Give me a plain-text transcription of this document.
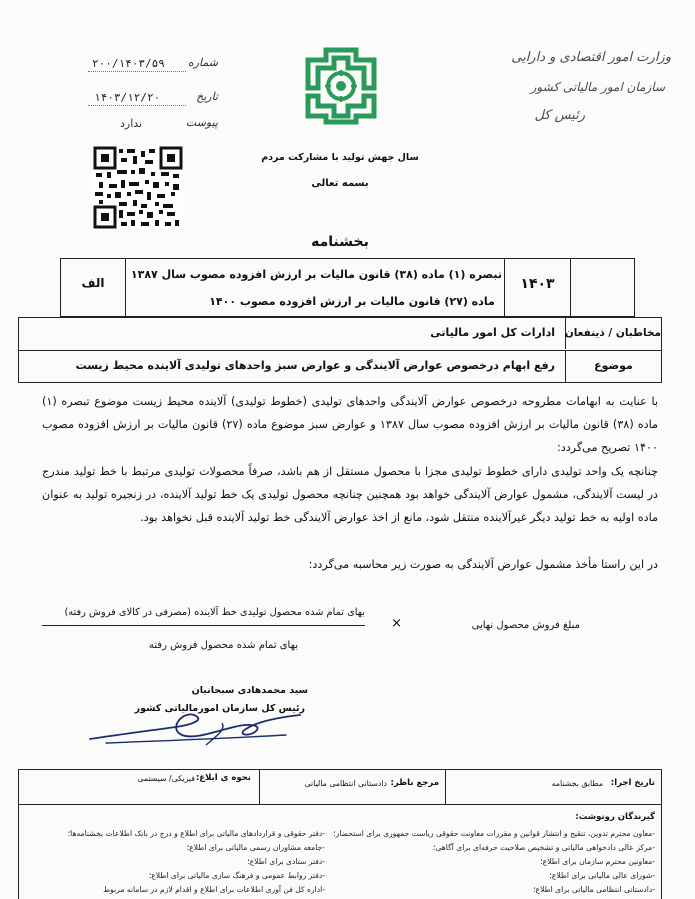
وزارت امور اقتصادی و دارایی
سازمان امور مالیاتی کشور
رئیس کل
شماره
۲۰۰/۱۴۰۳/۵۹
تاریخ
۱۴۰۳/۱۲/۲۰
پیوست
ندارد
سال جهش تولید با مشارکت مردم
بسمه تعالی
بخشنامه
۱۴۰۳
تبصره (۱) ماده (۳۸) قانون مالیات بر ارزش افزوده مصوب سال ۱۳۸۷
ماده (۲۷) قانون مالیات بر ارزش افزوده مصوب ۱۴۰۰
الف
مخاطبان / ذینفعان
ادارات کل امور مالیاتی
موضوع
رفع ابهام درخصوص عوارض آلایندگی و عوارض سبز واحدهای تولیدی آلاینده محیط زیست
با عنایت به ابهامات مطروحه درخصوص عوارض آلایندگی واحدهای تولیدی (خطوط تولیدی) آلاینده محیط زیست موضوع تبصره (۱) ماده (۳۸) قانون مالیات بر ارزش افزوده مصوب سال ۱۳۸۷ و عوارض سبز موضوع ماده (۲۷) قانون مالیات بر ارزش افزوده مصوب ۱۴۰۰ تصریح می‌گردد:
چنانچه یک واحد تولیدی دارای خطوط تولیدی مجزا با محصول مستقل از هم باشد، صرفاً محصولات تولیدی مرتبط با خط تولید مندرج در لیست آلایندگی، مشمول عوارض آلایندگی خواهد بود همچنین چنانچه محصول تولیدی یک خط تولید آلاینده، در زنجیره تولید به عنوان ماده اولیه به خط تولید دیگر غیرآلاینده منتقل شود، مانع از اخذ عوارض آلایندگی خط تولید آلاینده قبل نخواهد بود.
در این راستا مأخذ مشمول عوارض آلایندگی به صورت زیر محاسبه می‌گردد:
مبلغ فروش محصول نهایی
×
بهای تمام شده محصول تولیدی خط آلاینده (مصرفی در کالای فروش رفته)
بهای تمام شده محصول فروش رفته
سید محمدهادی سبحانیان
رئیس کل سازمان امورمالیاتی کشور
تاریخ اجرا:
مطابق بخشنامه
مرجع ناظر:
دادستانی انتظامی مالیاتی
نحوه ی ابلاغ:
فیزیکی/ سیستمی
گیرندگان رونوشت:
-معاون محترم تدوین، تنقیح و انتشار قوانین و مقررات معاونت حقوقی ریاست جمهوری برای استحضار؛
-مرکز عالی دادخواهی مالیاتی و تشخیص صلاحیت حرفه‌ای برای آگاهی؛
-معاونین محترم سازمان برای اطلاع؛
-شورای عالی مالیاتی برای اطلاع؛
-دادستانی انتظامی مالیاتی برای اطلاع؛
-دفتر حقوقی و قراردادهای مالیاتی برای اطلاع و درج در بانک اطلاعات بخشنامه‌ها؛
-جامعه مشاوران رسمی مالیاتی برای اطلاع؛
-دفتر ستادی برای اطلاع؛
-دفتر روابط عمومی و فرهنگ سازی مالیاتی برای اطلاع؛
-اداره کل فن آوری اطلاعات برای اطلاع و اقدام لازم در سامانه مربوط
